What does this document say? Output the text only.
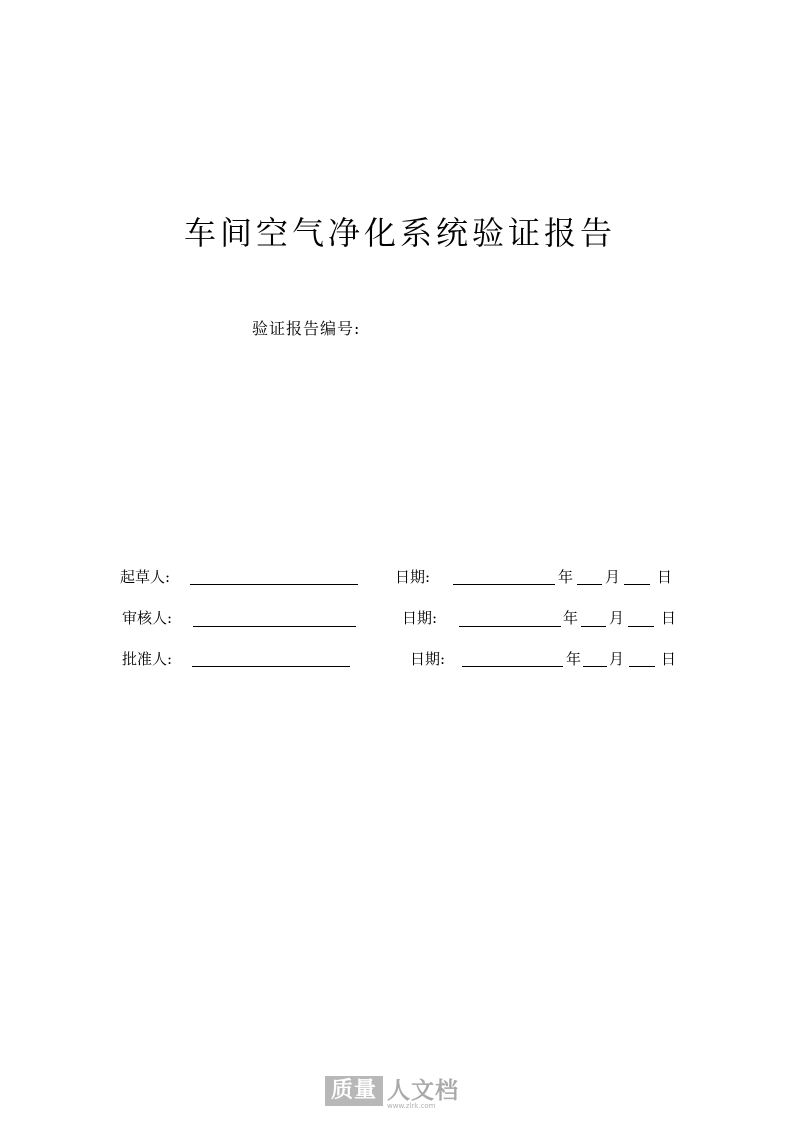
车间空气净化系统验证报告
验证报告编号:
起草人:	日期:	年 月 日
审核人:	日期:	年 月 日
批准人:	日期:	年 月 日
质量 人文档
www.zlrk.com
